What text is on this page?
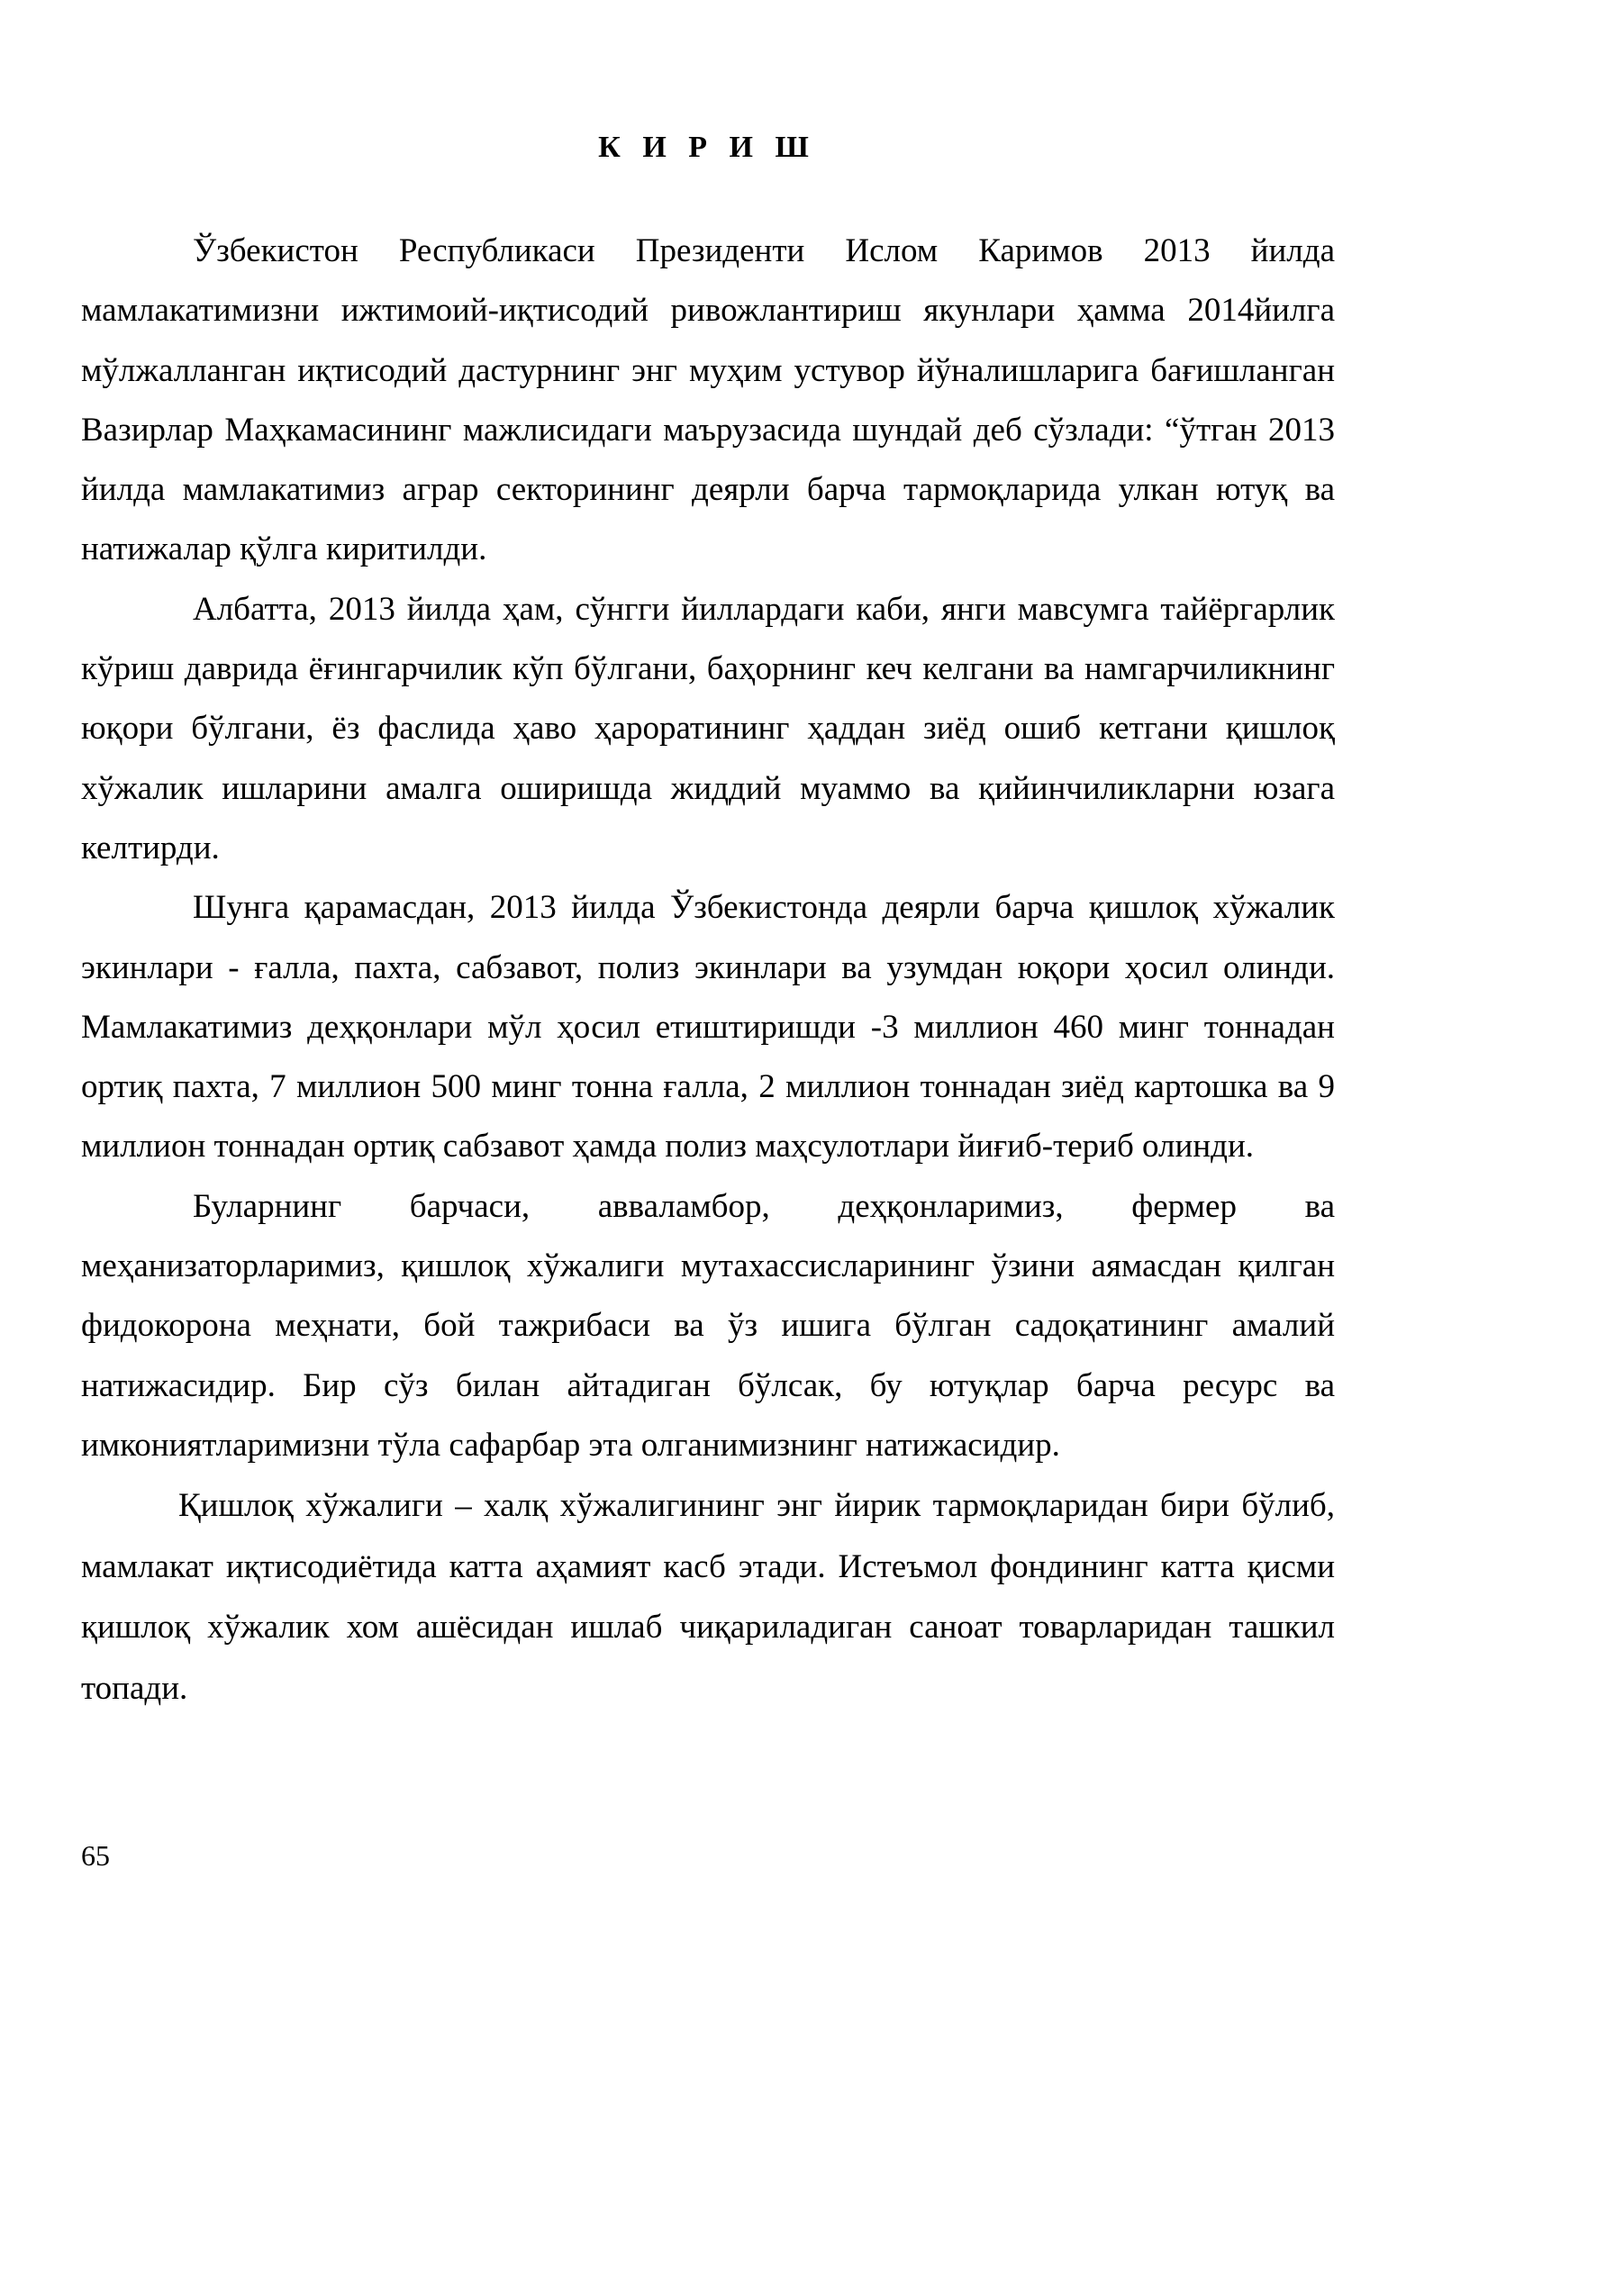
К И Р И Ш

Ўзбекистон Республикаси Президенти Ислом Каримов 2013 йилда мамлакатимизни ижтимоий-иқтисодий ривожлантириш якунлари ҳамма 2014йилга мўлжалланган иқтисодий дастурнинг энг муҳим устувор йўналишларига бағишланган Вазирлар Маҳкамасининг мажлисидаги маърузасида шундай деб сўзлади: “ўтган 2013 йилда мамлакатимиз аграр секторининг деярли барча тармоқларида улкан ютуқ ва натижалар қўлга киритилди.

Албатта, 2013 йилда ҳам, сўнгги йиллардаги каби, янги мавсумга тайёргарлик кўриш даврида ёғингарчилик кўп бўлгани, баҳорнинг кеч келгани ва намгарчиликнинг юқори бўлгани, ёз фаслида ҳаво ҳароратининг ҳаддан зиёд ошиб кетгани қишлоқ хўжалик ишларини амалга оширишда жиддий муаммо ва қийинчиликларни юзага келтирди.

Шунга қарамасдан, 2013 йилда Ўзбекистонда деярли барча қишлоқ хўжалик экинлари - ғалла, пахта, сабзавот, полиз экинлари ва узумдан юқори ҳосил олинди. Мамлакатимиз деҳқонлари мўл ҳосил етиштиришди -3 миллион 460 минг тоннадан ортиқ пахта, 7 миллион 500 минг тонна ғалла, 2 миллион тоннадан зиёд картошка ва 9 миллион тоннадан ортиқ сабзавот ҳамда полиз маҳсулотлари йиғиб-териб олинди.

Буларнинг барчаси, авваламбор, деҳқонларимиз, фермер ва меҳанизаторларимиз, қишлоқ хўжалиги мутахассисларининг ўзини аямасдан қилган фидокорона меҳнати, бой тажрибаси ва ўз ишига бўлган садоқатининг амалий натижасидир. Бир сўз билан айтадиган бўлсак, бу ютуқлар барча ресурс ва имкониятларимизни тўла сафарбар эта олганимизнинг натижасидир.

Қишлоқ хўжалиги – халқ хўжалигининг энг йирик тармоқларидан бири бўлиб, мамлакат иқтисодиётида катта аҳамият касб этади. Истеъмол фондининг катта қисми қишлоқ хўжалик хом ашёсидан ишлаб чиқариладиган саноат товарларидан ташкил топади.

65
